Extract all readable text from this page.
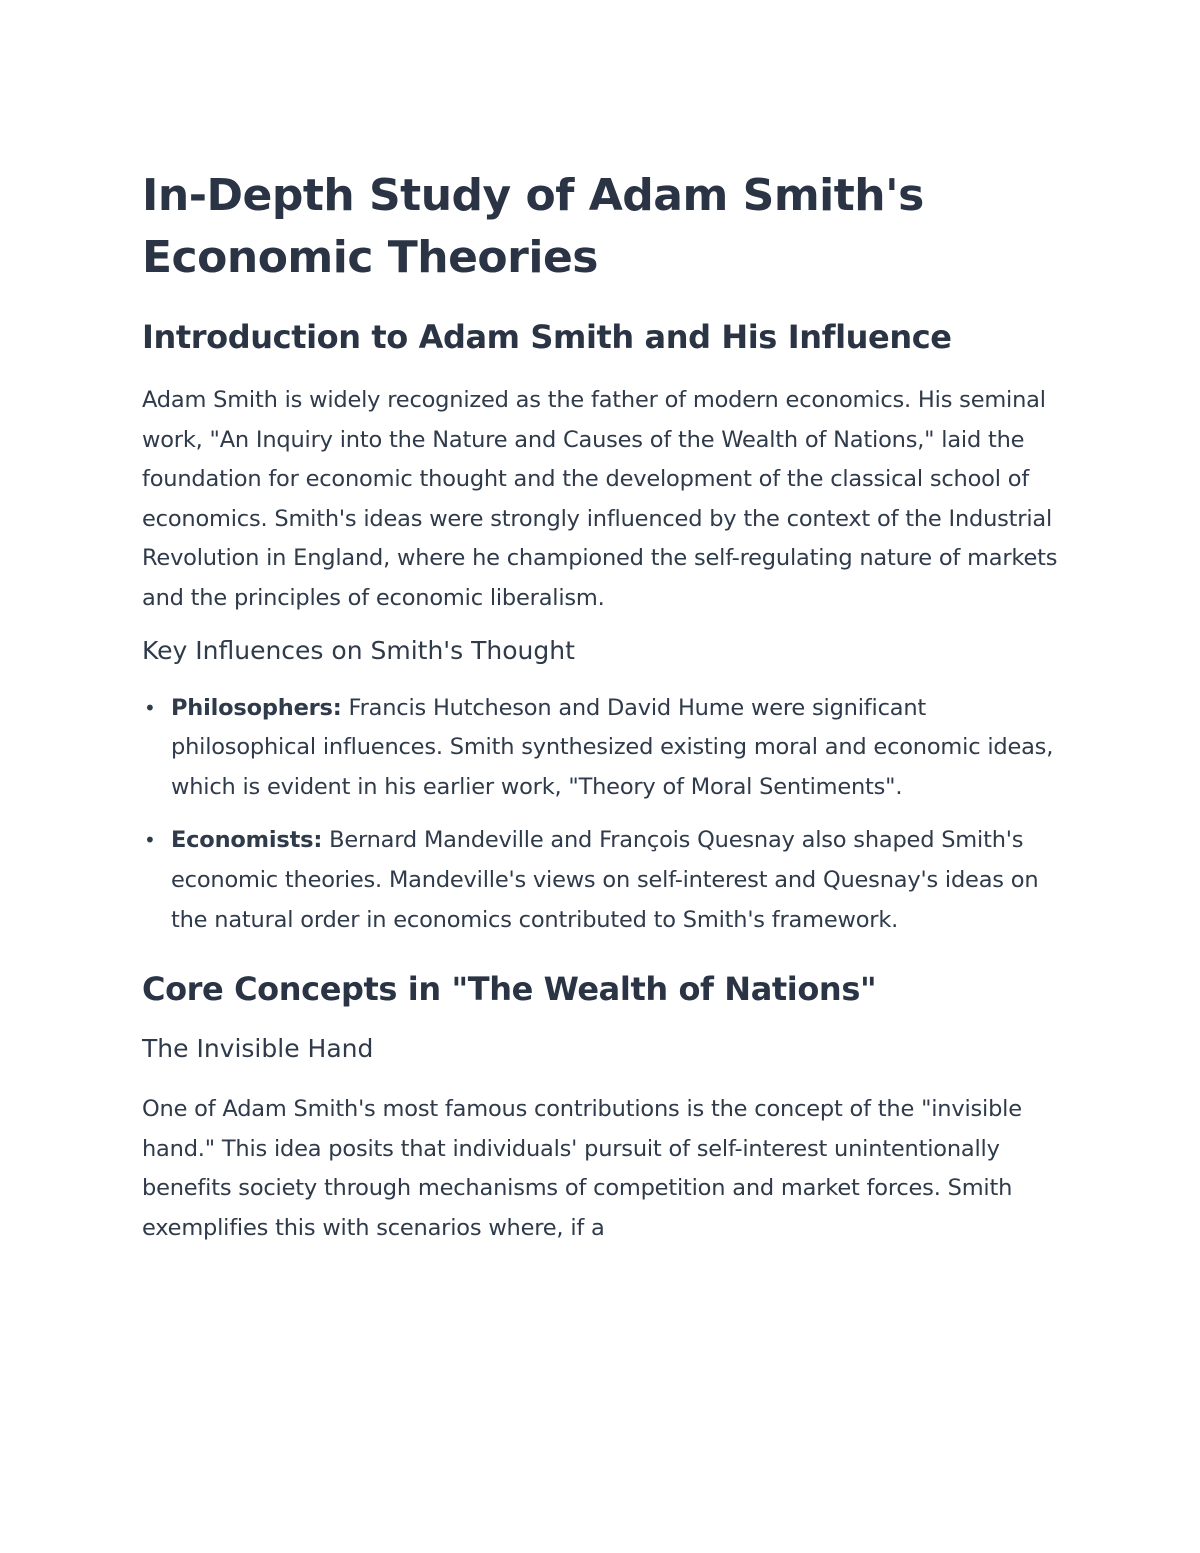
In-Depth Study of Adam Smith's Economic Theories
Introduction to Adam Smith and His Influence

Adam Smith is widely recognized as the father of modern economics. His seminal work, "An Inquiry into the Nature and Causes of the Wealth of Nations," laid the foundation for economic thought and the development of the classical school of economics. Smith's ideas were strongly influenced by the context of the Industrial Revolution in England, where he championed the self-regulating nature of markets and the principles of economic liberalism.

Key Influences on Smith's Thought
• Philosophers: Francis Hutcheson and David Hume were significant philosophical influences. Smith synthesized existing moral and economic ideas, which is evident in his earlier work, "Theory of Moral Sentiments".
• Economists: Bernard Mandeville and François Quesnay also shaped Smith's economic theories. Mandeville's views on self-interest and Quesnay's ideas on the natural order in economics contributed to Smith's framework.
Core Concepts in "The Wealth of Nations"
The Invisible Hand

One of Adam Smith's most famous contributions is the concept of the "invisible hand." This idea posits that individuals' pursuit of self-interest unintentionally benefits society through mechanisms of competition and market forces. Smith exemplifies this with scenarios where, if a
